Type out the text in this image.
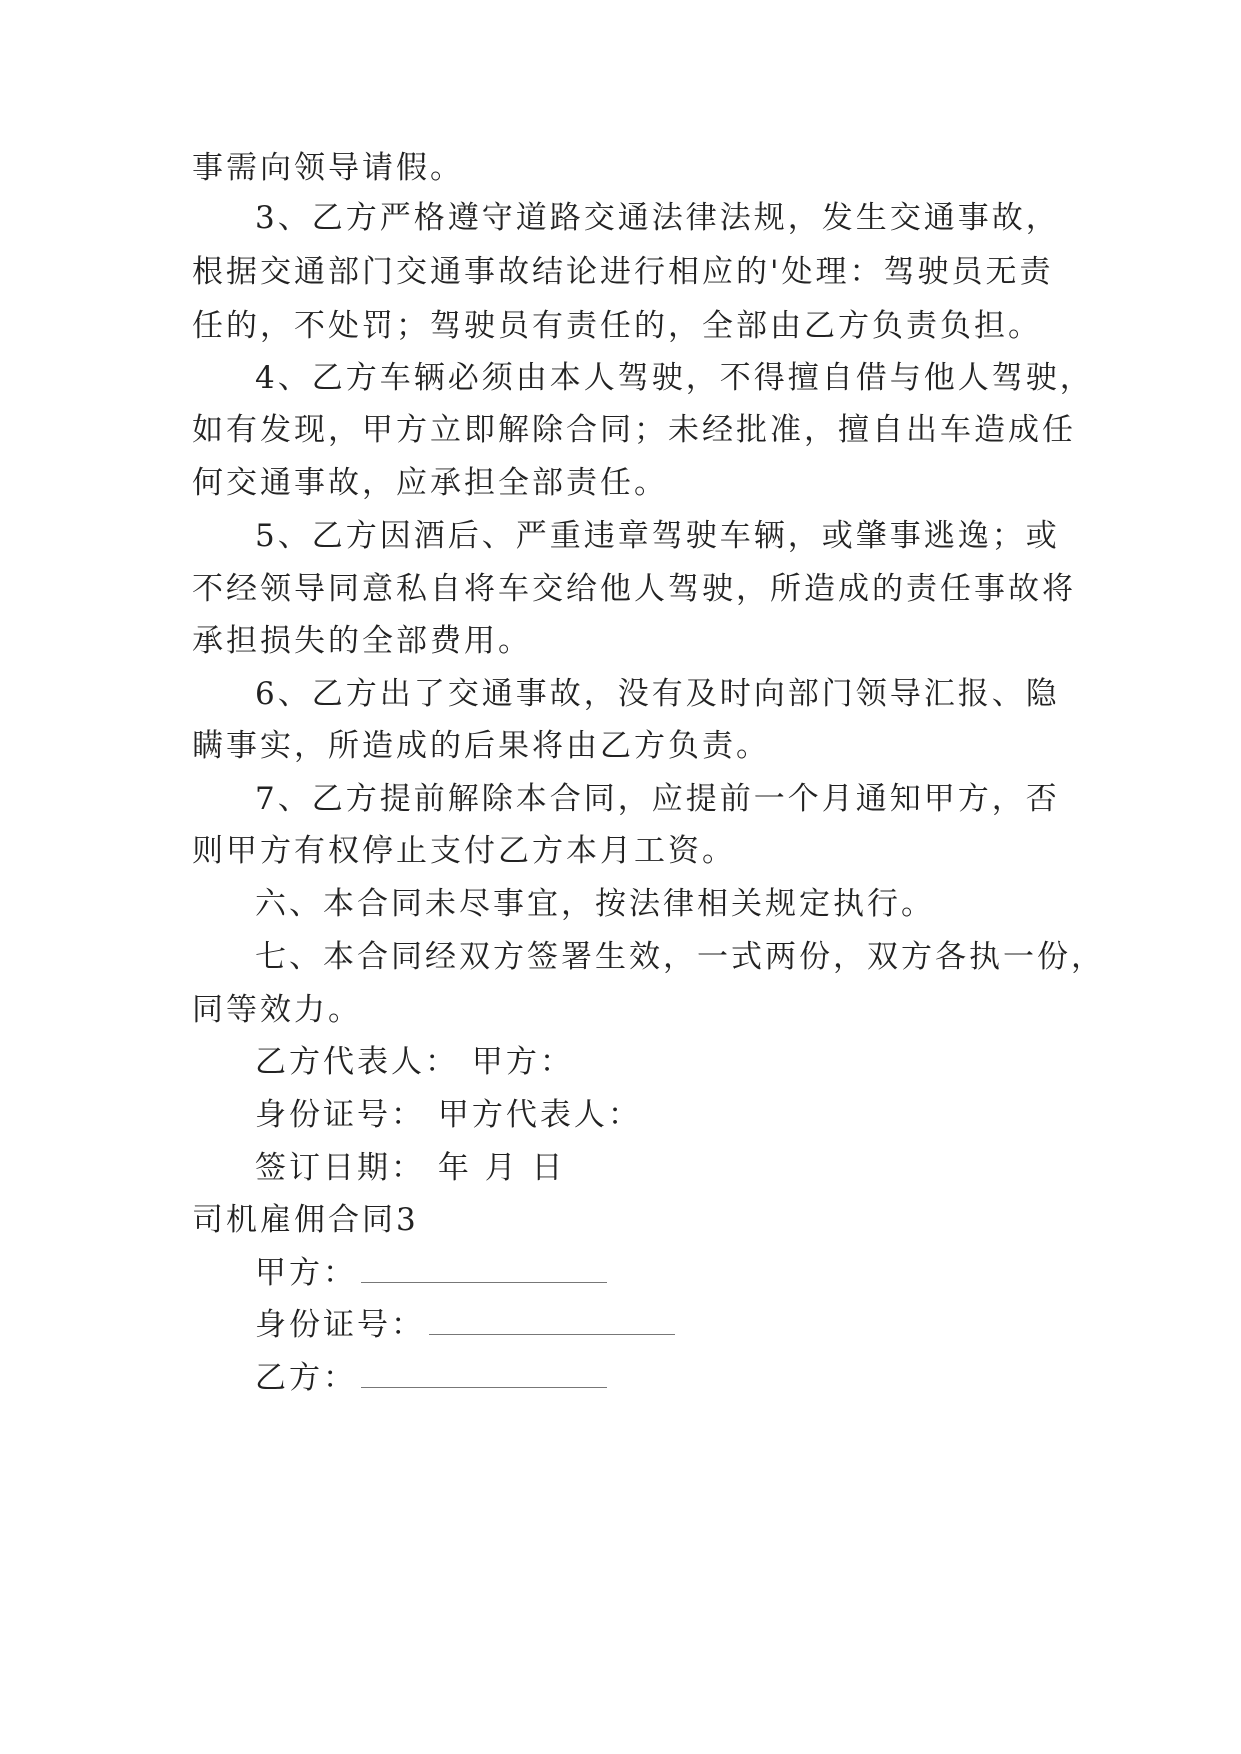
事需向领导请假。
3、乙方严格遵守道路交通法律法规，发生交通事故，
根据交通部门交通事故结论进行相应的'处理：驾驶员无责
任的，不处罚；驾驶员有责任的，全部由乙方负责负担。
4、乙方车辆必须由本人驾驶，不得擅自借与他人驾驶，
如有发现，甲方立即解除合同；未经批准，擅自出车造成任
何交通事故，应承担全部责任。
5、乙方因酒后、严重违章驾驶车辆，或肇事逃逸；或
不经领导同意私自将车交给他人驾驶，所造成的责任事故将
承担损失的全部费用。
6、乙方出了交通事故，没有及时向部门领导汇报、隐
瞒事实，所造成的后果将由乙方负责。
7、乙方提前解除本合同，应提前一个月通知甲方，否
则甲方有权停止支付乙方本月工资。
六、本合同未尽事宜，按法律相关规定执行。
七、本合同经双方签署生效，一式两份，双方各执一份，
同等效力。
乙方代表人： 甲方：
身份证号： 甲方代表人：
签订日期： 年 月 日
司机雇佣合同3
甲方：
身份证号：
乙方：
